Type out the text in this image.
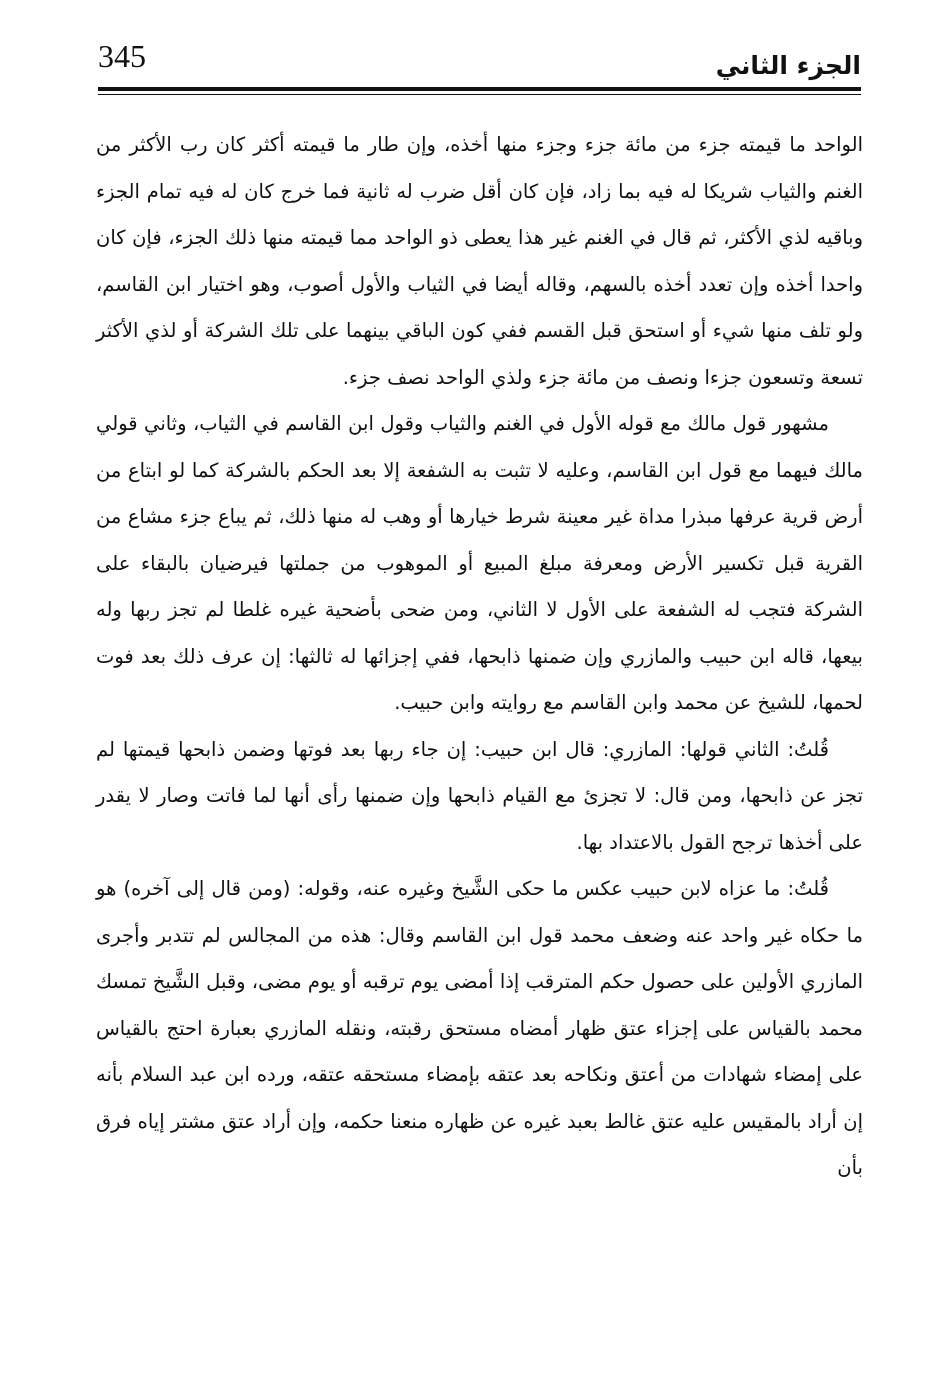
345	الجزء الثاني

الواحد ما قيمته جزء من مائة جزء وجزء منها أخذه، وإن طار ما قيمته أكثر كان رب الأكثر من الغنم والثياب شريكا له فيه بما زاد، فإن كان أقل ضرب له ثانية فما خرج كان له فيه تمام الجزء وباقيه لذي الأكثر، ثم قال في الغنم غير هذا يعطى ذو الواحد مما قيمته منها ذلك الجزء، فإن كان واحدا أخذه وإن تعدد أخذه بالسهم، وقاله أيضا في الثياب والأول أصوب، وهو اختيار ابن القاسم، ولو تلف منها شيء أو استحق قبل القسم ففي كون الباقي بينهما على تلك الشركة أو لذي الأكثر تسعة وتسعون جزءا ونصف من مائة جزء ولذي الواحد نصف جزء.

مشهور قول مالك مع قوله الأول في الغنم والثياب وقول ابن القاسم في الثياب، وثاني قولي مالك فيهما مع قول ابن القاسم، وعليه لا تثبت به الشفعة إلا بعد الحكم بالشركة كما لو ابتاع من أرض قرية عرفها مبذرا مداة غير معينة شرط خيارها أو وهب له منها ذلك، ثم يباع جزء مشاع من القرية قبل تكسير الأرض ومعرفة مبلغ المبيع أو الموهوب من جملتها فيرضيان بالبقاء على الشركة فتجب له الشفعة على الأول لا الثاني، ومن ضحى بأضحية غيره غلطا لم تجز ربها وله بيعها، قاله ابن حبيب والمازري وإن ضمنها ذابحها، ففي إجزائها له ثالثها: إن عرف ذلك بعد فوت لحمها، للشيخ عن محمد وابن القاسم مع روايته وابن حبيب.

قُلتُ: الثاني قولها: المازري: قال ابن حبيب: إن جاء ربها بعد فوتها وضمن ذابحها قيمتها لم تجز عن ذابحها، ومن قال: لا تجزئ مع القيام ذابحها وإن ضمنها رأى أنها لما فاتت وصار لا يقدر على أخذها ترجح القول بالاعتداد بها.

قُلتُ: ما عزاه لابن حبيب عكس ما حكى الشَّيخ وغيره عنه، وقوله: (ومن قال إلى آخره) هو ما حكاه غير واحد عنه وضعف محمد قول ابن القاسم وقال: هذه من المجالس لم تتدبر وأجرى المازري الأولين على حصول حكم المترقب إذا أمضى يوم ترقبه أو يوم مضى، وقبل الشَّيخ تمسك محمد بالقياس على إجزاء عتق ظهار أمضاه مستحق رقبته، ونقله المازري بعبارة احتج بالقياس على إمضاء شهادات من أعتق ونكاحه بعد عتقه بإمضاء مستحقه عتقه، ورده ابن عبد السلام بأنه إن أراد بالمقيس عليه عتق غالط بعبد غيره عن ظهاره منعنا حكمه، وإن أراد عتق مشتر إياه فرق بأن
